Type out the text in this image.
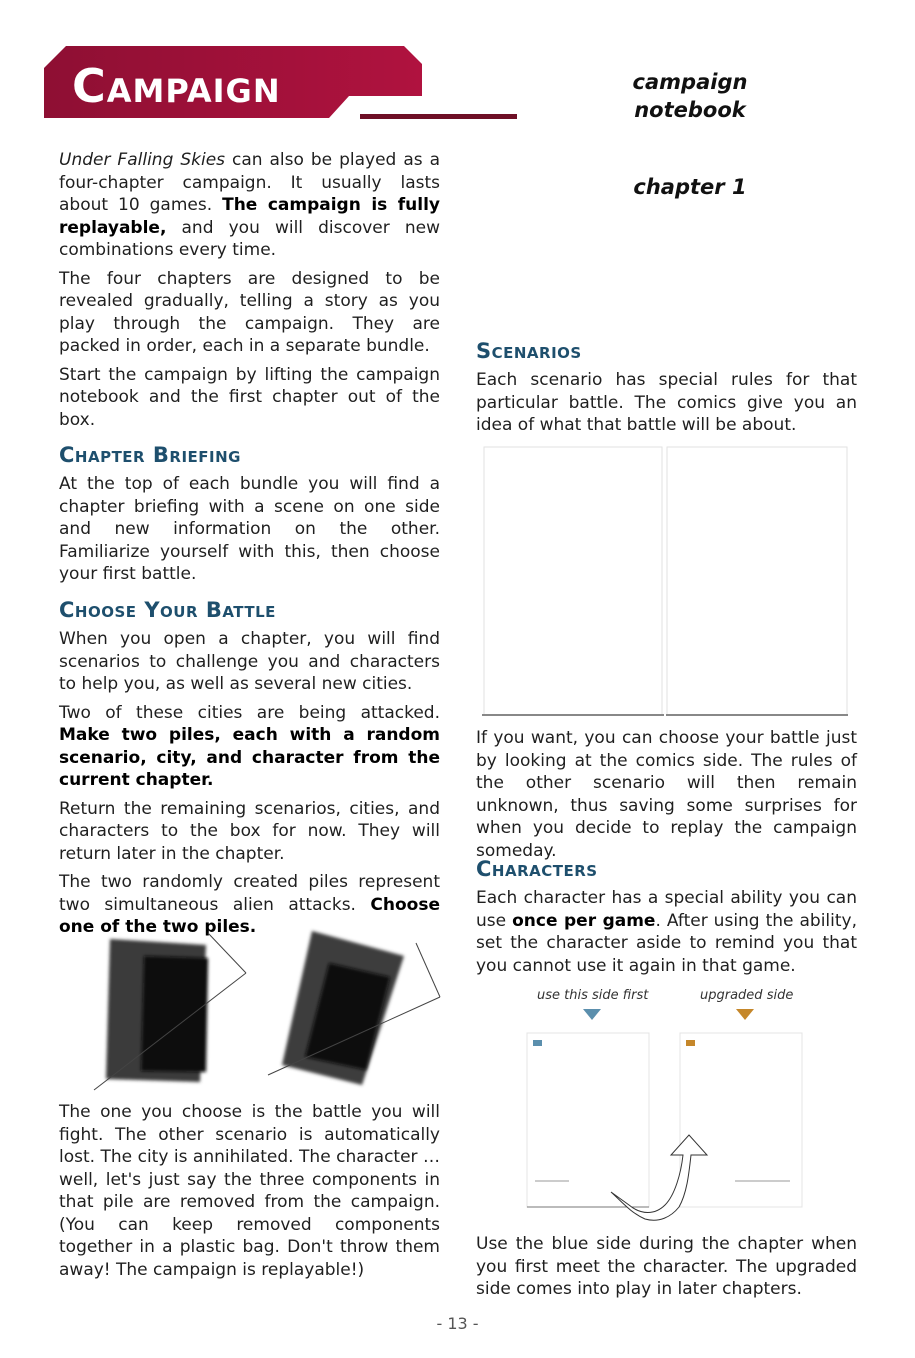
Campaign	campaign notebook
chapter 1

Under Falling Skies can also be played as a four-chapter campaign. It usually lasts about 10 games. The campaign is fully replayable, and you will discover new combinations every time.

The four chapters are designed to be revealed gradually, telling a story as you play through the campaign. They are packed in order, each in a separate bundle.

Start the campaign by lifting the campaign notebook and the first chapter out of the box.

Chapter Briefing

At the top of each bundle you will find a chapter briefing with a scene on one side and new information on the other. Familiarize yourself with this, then choose your first battle.

Choose Your Battle

When you open a chapter, you will find scenarios to challenge you and characters to help you, as well as several new cities.

Two of these cities are being attacked. Make two piles, each with a random scenario, city, and character from the current chapter.

Return the remaining scenarios, cities, and characters to the box for now. They will return later in the chapter.

The two randomly created piles represent two simultaneous alien attacks. Choose one of the two piles.

The one you choose is the battle you will fight. The other scenario is automatically lost. The city is annihilated. The character … well, let's just say the three components in that pile are removed from the campaign. (You can keep removed components together in a plastic bag. Don't throw them away! The campaign is replayable!)

Scenarios

Each scenario has special rules for that particular battle. The comics give you an idea of what that battle will be about.

If you want, you can choose your battle just by looking at the comics side. The rules of the other scenario will then remain unknown, thus saving some surprises for when you decide to replay the campaign someday.

Characters

Each character has a special ability you can use once per game. After using the ability, set the character aside to remind you that you cannot use it again in that game.

use this side first	upgraded side

Use the blue side during the chapter when you first meet the character. The upgraded side comes into play in later chapters.

- 13 -
